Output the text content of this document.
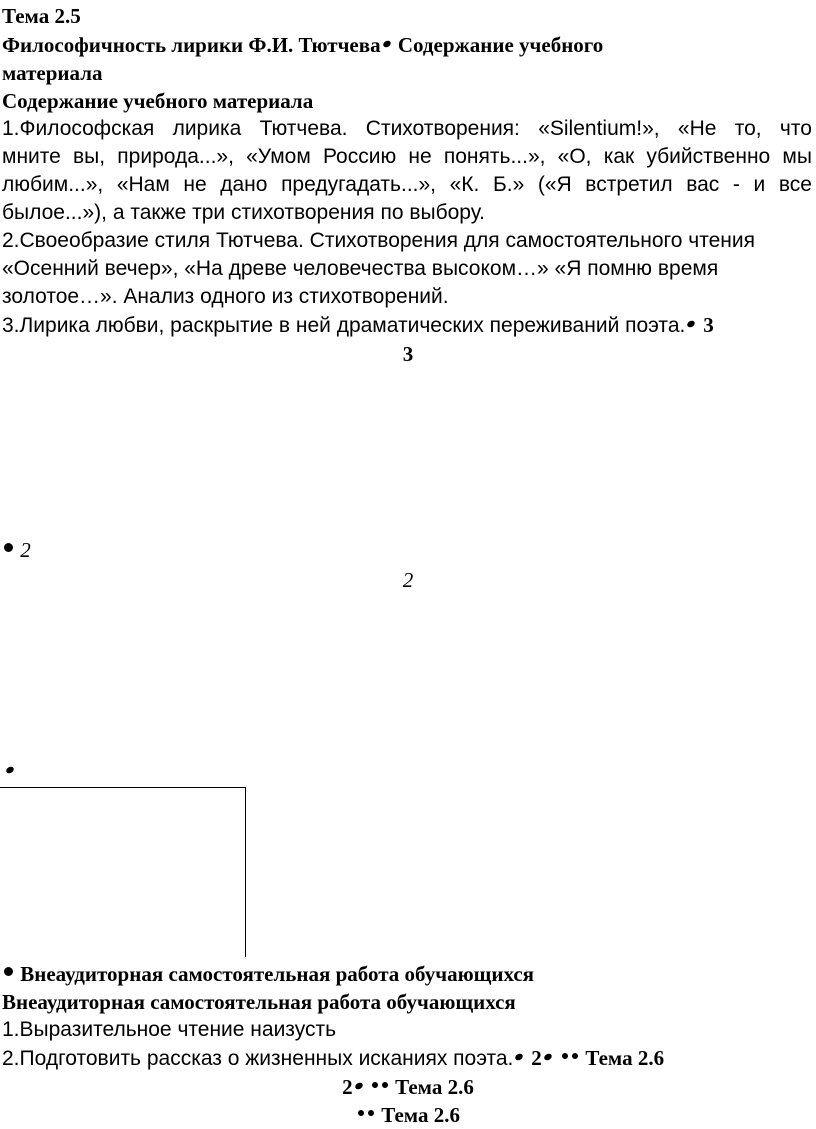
Тема 2.5
Философичность лирики Ф.И. Тютчева Содержание учебного
материала
Содержание учебного материала
1.Философская лирика Тютчева. Стихотворения: «Silentium!», «Не то, что
мните вы, природа...», «Умом Россию не понять...», «О, как убийственно мы
любим...», «Нам не дано предугадать...», «К. Б.» («Я встретил вас - и все
былое...»), а также три стихотворения по выбору.
2.Своеобразие стиля Тютчева. Стихотворения для самостоятельного чтения
«Осенний вечер», «На древе человечества высоком…» «Я помню время
золотое…». Анализ одного из стихотворений.
3.Лирика любви, раскрытие в ней драматических переживаний поэта. 3
3
2
2
Внеаудиторная самостоятельная работа обучающихся
Внеаудиторная самостоятельная работа обучающихся
1.Выразительное чтение наизусть
2.Подготовить рассказ о жизненных исканиях поэта. 2 Тема 2.6
2 Тема 2.6
Тема 2.6
